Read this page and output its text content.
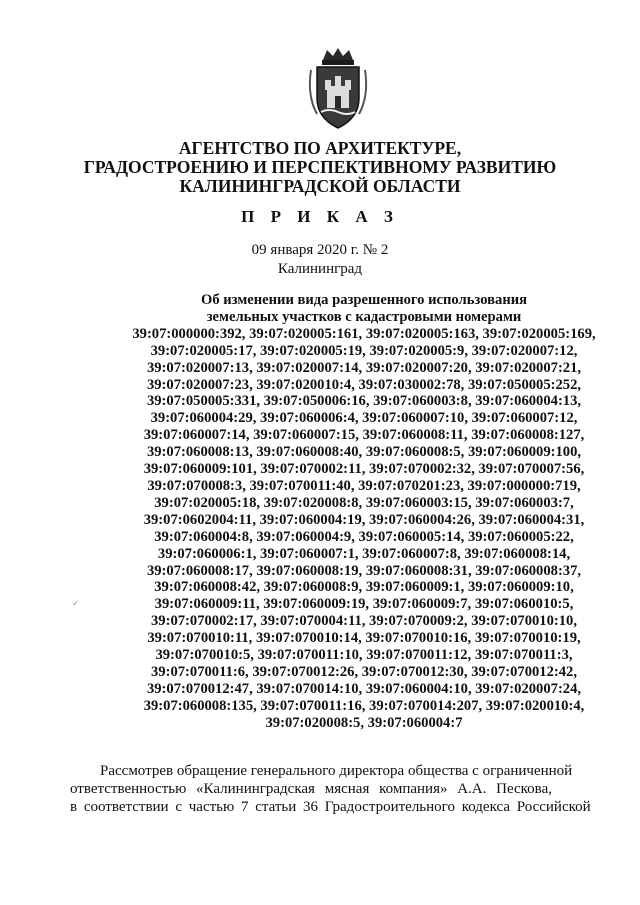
АГЕНТСТВО ПО АРХИТЕКТУРЕ,
ГРАДОСТРОЕНИЮ И ПЕРСПЕКТИВНОМУ РАЗВИТИЮ
КАЛИНИНГРАДСКОЙ ОБЛАСТИ
П Р И К А З
09 января 2020 г. № 2
Калининград
Об изменении вида разрешенного использования
земельных участков с кадастровыми номерами
39:07:000000:392, 39:07:020005:161, 39:07:020005:163, 39:07:020005:169,
39:07:020005:17, 39:07:020005:19, 39:07:020005:9, 39:07:020007:12,
39:07:020007:13, 39:07:020007:14, 39:07:020007:20, 39:07:020007:21,
39:07:020007:23, 39:07:020010:4, 39:07:030002:78, 39:07:050005:252,
39:07:050005:331, 39:07:050006:16, 39:07:060003:8, 39:07:060004:13,
39:07:060004:29, 39:07:060006:4, 39:07:060007:10, 39:07:060007:12,
39:07:060007:14, 39:07:060007:15, 39:07:060008:11, 39:07:060008:127,
39:07:060008:13, 39:07:060008:40, 39:07:060008:5, 39:07:060009:100,
39:07:060009:101, 39:07:070002:11, 39:07:070002:32, 39:07:070007:56,
39:07:070008:3, 39:07:070011:40, 39:07:070201:23, 39:07:000000:719,
39:07:020005:18, 39:07:020008:8, 39:07:060003:15, 39:07:060003:7,
39:07:0602004:11, 39:07:060004:19, 39:07:060004:26, 39:07:060004:31,
39:07:060004:8, 39:07:060004:9, 39:07:060005:14, 39:07:060005:22,
39:07:060006:1, 39:07:060007:1, 39:07:060007:8, 39:07:060008:14,
39:07:060008:17, 39:07:060008:19, 39:07:060008:31, 39:07:060008:37,
39:07:060008:42, 39:07:060008:9, 39:07:060009:1, 39:07:060009:10,
39:07:060009:11, 39:07:060009:19, 39:07:060009:7, 39:07:060010:5,
39:07:070002:17, 39:07:070004:11, 39:07:070009:2, 39:07:070010:10,
39:07:070010:11, 39:07:070010:14, 39:07:070010:16, 39:07:070010:19,
39:07:070010:5, 39:07:070011:10, 39:07:070011:12, 39:07:070011:3,
39:07:070011:6, 39:07:070012:26, 39:07:070012:30, 39:07:070012:42,
39:07:070012:47, 39:07:070014:10, 39:07:060004:10, 39:07:020007:24,
39:07:060008:135, 39:07:070011:16, 39:07:070014:207, 39:07:020010:4,
39:07:020008:5, 39:07:060004:7
✓
Рассмотрев обращение генерального директора общества с ограниченной
ответственностью «Калининградская мясная компания» А.А. Пескова,
в соответствии с частью 7 статьи 36 Градостроительного кодекса Российской
